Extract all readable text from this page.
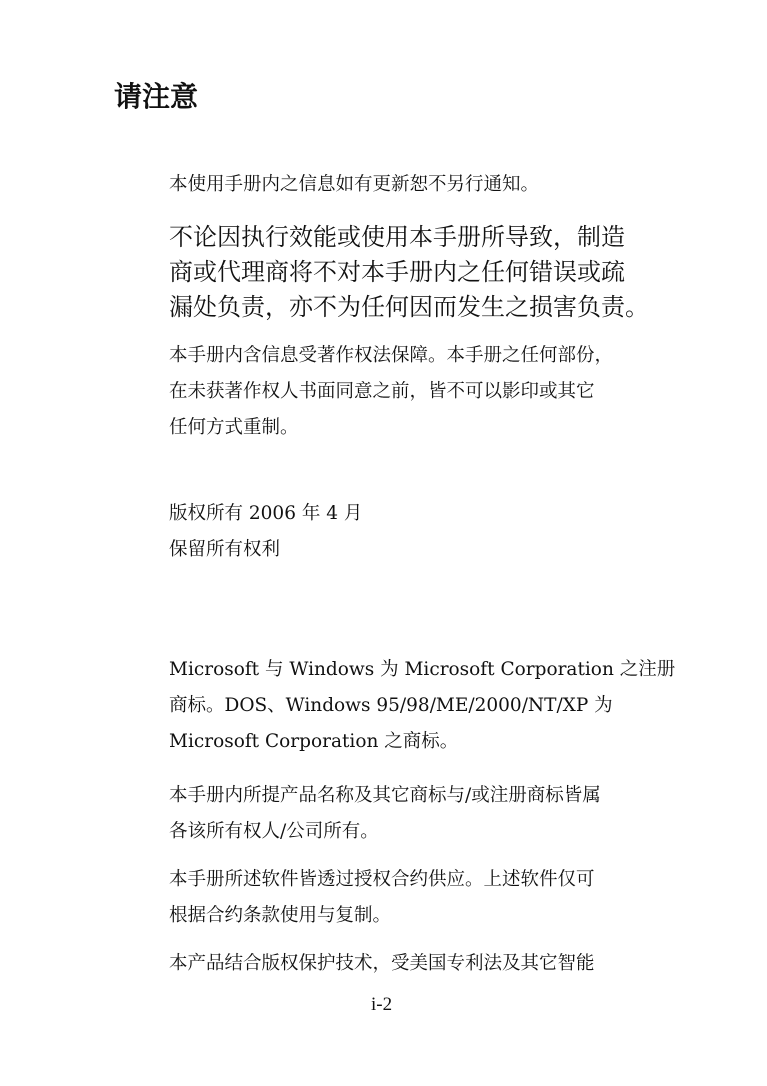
请注意
本使用手册内之信息如有更新恕不另行通知。
不论因执行效能或使用本手册所导致，制造
商或代理商将不对本手册内之任何错误或疏
漏处负责，亦不为任何因而发生之损害负责。
本手册内含信息受著作权法保障。本手册之任何部份，
在未获著作权人书面同意之前，皆不可以影印或其它
任何方式重制。
版权所有 2006 年 4 月
保留所有权利
Microsoft 与 Windows 为 Microsoft Corporation 之注册
商标。DOS、Windows 95/98/ME/2000/NT/XP 为
Microsoft Corporation 之商标。
本手册内所提产品名称及其它商标与/或注册商标皆属
各该所有权人/公司所有。
本手册所述软件皆透过授权合约供应。上述软件仅可
根据合约条款使用与复制。
本产品结合版权保护技术，受美国专利法及其它智能
i-2
